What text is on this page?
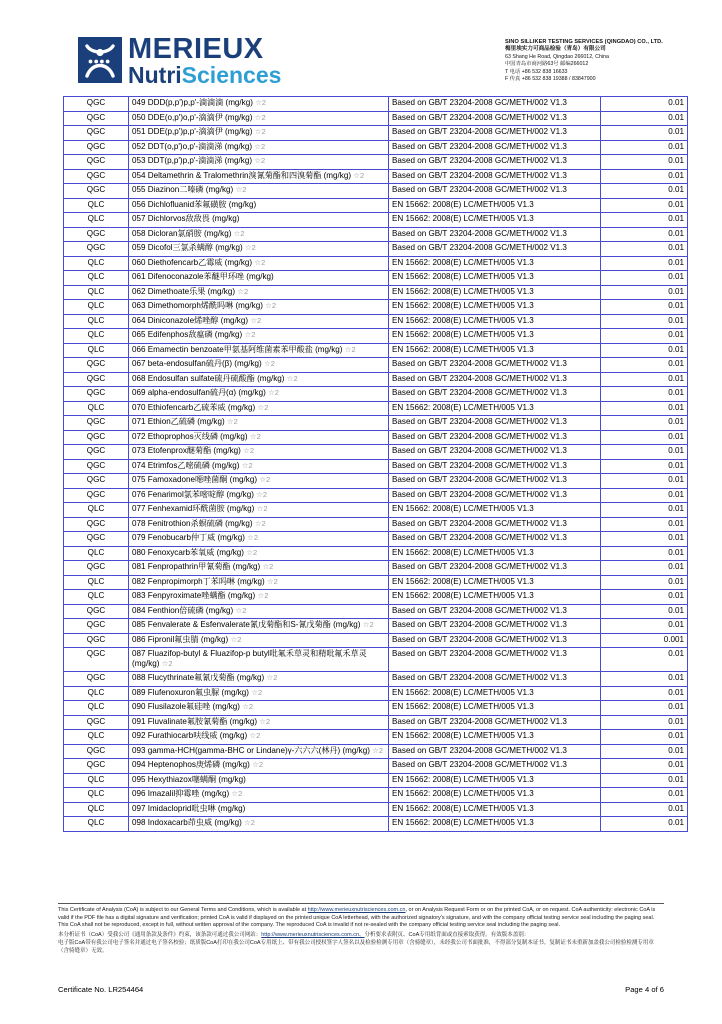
MERIEUX
NutriSciences
SINO SILLIKER TESTING SERVICES (QINGDAO) CO., LTD.
梅里埃实力可商品检验（青岛）有限公司
63 Shang He Road, Qingdao 266012, China
中国青岛市商河路63号 邮编266012
T 电话 +86 532 838 16633
F 传真 +86 532 838 19388 / 83847900
QGC	049 DDD(p,p')p,p'-滴滴滴 (mg/kg) ☆2	Based on GB/T 23204-2008 GC/METH/002 V1.3	0.01
QGC	050 DDE(o,p')o,p'-滴滴伊 (mg/kg) ☆2	Based on GB/T 23204-2008 GC/METH/002 V1.3	0.01
QGC	051 DDE(p,p')p,p'-滴滴伊 (mg/kg) ☆2	Based on GB/T 23204-2008 GC/METH/002 V1.3	0.01
QGC	052 DDT(o,p')o,p'-滴滴涕 (mg/kg) ☆2	Based on GB/T 23204-2008 GC/METH/002 V1.3	0.01
QGC	053 DDT(p,p')p,p'-滴滴涕 (mg/kg) ☆2	Based on GB/T 23204-2008 GC/METH/002 V1.3	0.01
QGC	054 Deltamethrin & Tralomethrin溴氰菊酯和四溴菊酯 (mg/kg) ☆2	Based on GB/T 23204-2008 GC/METH/002 V1.3	0.01
QGC	055 Diazinon二嗪磷 (mg/kg) ☆2	Based on GB/T 23204-2008 GC/METH/002 V1.3	0.01
QLC	056 Dichlofluanid苯氟磺胺 (mg/kg)	EN 15662: 2008(E) LC/METH/005 V1.3	0.01
QLC	057 Dichlorvos敌敌畏 (mg/kg)	EN 15662: 2008(E) LC/METH/005 V1.3	0.01
QGC	058 Dicloran氯硝胺 (mg/kg) ☆2	Based on GB/T 23204-2008 GC/METH/002 V1.3	0.01
QGC	059 Dicofol三氯杀螨醇 (mg/kg) ☆2	Based on GB/T 23204-2008 GC/METH/002 V1.3	0.01
QLC	060 Diethofencarb乙霉威 (mg/kg) ☆2	EN 15662: 2008(E) LC/METH/005 V1.3	0.01
QLC	061 Difenoconazole苯醚甲环唑 (mg/kg)	EN 15662: 2008(E) LC/METH/005 V1.3	0.01
QLC	062 Dimethoate乐果 (mg/kg) ☆2	EN 15662: 2008(E) LC/METH/005 V1.3	0.01
QLC	063 Dimethomorph烯酰吗啉 (mg/kg) ☆2	EN 15662: 2008(E) LC/METH/005 V1.3	0.01
QLC	064 Diniconazole烯唑醇 (mg/kg) ☆2	EN 15662: 2008(E) LC/METH/005 V1.3	0.01
QLC	065 Edifenphos敌瘟磷 (mg/kg) ☆2	EN 15662: 2008(E) LC/METH/005 V1.3	0.01
QLC	066 Emamectin benzoate甲氨基阿维菌素苯甲酸盐 (mg/kg) ☆2	EN 15662: 2008(E) LC/METH/005 V1.3	0.01
QGC	067 beta-endosulfan硫丹(β) (mg/kg) ☆2	Based on GB/T 23204-2008 GC/METH/002 V1.3	0.01
QGC	068 Endosulfan sulfate硫丹硫酸酯 (mg/kg) ☆2	Based on GB/T 23204-2008 GC/METH/002 V1.3	0.01
QGC	069 alpha-endosulfan硫丹(α) (mg/kg) ☆2	Based on GB/T 23204-2008 GC/METH/002 V1.3	0.01
QLC	070 Ethiofencarb乙硫苯威 (mg/kg) ☆2	EN 15662: 2008(E) LC/METH/005 V1.3	0.01
QGC	071 Ethion乙硫磷 (mg/kg) ☆2	Based on GB/T 23204-2008 GC/METH/002 V1.3	0.01
QGC	072 Ethoprophos灭线磷 (mg/kg) ☆2	Based on GB/T 23204-2008 GC/METH/002 V1.3	0.01
QGC	073 Etofenprox醚菊酯 (mg/kg) ☆2	Based on GB/T 23204-2008 GC/METH/002 V1.3	0.01
QGC	074 Etrimfos乙嘧硫磷 (mg/kg) ☆2	Based on GB/T 23204-2008 GC/METH/002 V1.3	0.01
QGC	075 Famoxadone噁唑菌酮 (mg/kg) ☆2	Based on GB/T 23204-2008 GC/METH/002 V1.3	0.01
QGC	076 Fenarimol氯苯嘧啶醇 (mg/kg) ☆2	Based on GB/T 23204-2008 GC/METH/002 V1.3	0.01
QLC	077 Fenhexamid环酰菌胺 (mg/kg) ☆2	EN 15662: 2008(E) LC/METH/005 V1.3	0.01
QGC	078 Fenitrothion杀螟硫磷 (mg/kg) ☆2	Based on GB/T 23204-2008 GC/METH/002 V1.3	0.01
QGC	079 Fenobucarb仲丁威 (mg/kg) ☆2	Based on GB/T 23204-2008 GC/METH/002 V1.3	0.01
QLC	080 Fenoxycarb苯氧威 (mg/kg) ☆2	EN 15662: 2008(E) LC/METH/005 V1.3	0.01
QGC	081 Fenpropathrin甲氰菊酯 (mg/kg) ☆2	Based on GB/T 23204-2008 GC/METH/002 V1.3	0.01
QLC	082 Fenpropimorph丁苯吗啉 (mg/kg) ☆2	EN 15662: 2008(E) LC/METH/005 V1.3	0.01
QLC	083 Fenpyroximate唑螨酯 (mg/kg) ☆2	EN 15662: 2008(E) LC/METH/005 V1.3	0.01
QGC	084 Fenthion倍硫磷 (mg/kg) ☆2	Based on GB/T 23204-2008 GC/METH/002 V1.3	0.01
QGC	085 Fenvalerate & Esfenvalerate氰戊菊酯和S-氰戊菊酯 (mg/kg) ☆2	Based on GB/T 23204-2008 GC/METH/002 V1.3	0.01
QGC	086 Fipronil氟虫腈 (mg/kg) ☆2	Based on GB/T 23204-2008 GC/METH/002 V1.3	0.001
QGC	087 Fluazifop-butyl & Fluazifop-p butyl吡氟禾草灵和精吡氟禾草灵 (mg/kg) ☆2	Based on GB/T 23204-2008 GC/METH/002 V1.3	0.01
QGC	088 Flucythrinate氟氰戊菊酯 (mg/kg) ☆2	Based on GB/T 23204-2008 GC/METH/002 V1.3	0.01
QLC	089 Flufenoxuron氟虫脲 (mg/kg) ☆2	EN 15662: 2008(E) LC/METH/005 V1.3	0.01
QLC	090 Flusilazole氟硅唑 (mg/kg) ☆2	EN 15662: 2008(E) LC/METH/005 V1.3	0.01
QGC	091 Fluvalinate氟胺氰菊酯 (mg/kg) ☆2	Based on GB/T 23204-2008 GC/METH/002 V1.3	0.01
QLC	092 Furathiocarb呋线威 (mg/kg) ☆2	EN 15662: 2008(E) LC/METH/005 V1.3	0.01
QGC	093 gamma-HCH(gamma-BHC or Lindane)γ-六六六(林丹) (mg/kg) ☆2	Based on GB/T 23204-2008 GC/METH/002 V1.3	0.01
QGC	094 Heptenophos庚烯磷 (mg/kg) ☆2	Based on GB/T 23204-2008 GC/METH/002 V1.3	0.01
QLC	095 Hexythiazox噻螨酮 (mg/kg)	EN 15662: 2008(E) LC/METH/005 V1.3	0.01
QLC	096 Imazalil抑霉唑 (mg/kg) ☆2	EN 15662: 2008(E) LC/METH/005 V1.3	0.01
QLC	097 Imidacloprid吡虫啉 (mg/kg)	EN 15662: 2008(E) LC/METH/005 V1.3	0.01
QLC	098 Indoxacarb茚虫威 (mg/kg) ☆2	EN 15662: 2008(E) LC/METH/005 V1.3	0.01
This Certificate of Analysis (CoA) is subject to our General Terms and Conditions, which is available at http://www.merieuxnutrisciences.com.cn, or on Analysis Request Form or on the printed CoA, or on request. CoA authenticity: electronic CoA is valid if the PDF file has a digital signature and verification; printed CoA is valid if displayed on the printed unique CoA letterhead, with the authorized signatory's signature, and with the company official testing service seal including the paging seal. This CoA shall not be reproduced, except in full, without written approval of the company. The reproduced CoA is invalid if not re-sealed with the company official testing service seal including the paging seal.
本分析证书（CoA）受我公司《通用条款及条件》约束，该条款可通过我公司网站：http://www.merieuxnutrisciences.com.cn、分析要求表附页、CoA专用纸背面或直接索取获得。有效版本盖别：
电子版CoA带有我公司电子签名并通过电子签名校验；纸质版CoA打印在我公司CoA专用纸上、带有我公司授权签字人签名以及检验检测专用章（含骑缝章），未经我公司书面批准，不得部分复制本证书。复制证书未重新加盖我公司检验检测专用章（含骑缝章）无效。
Certificate No. LR254464	Page 4 of 6
